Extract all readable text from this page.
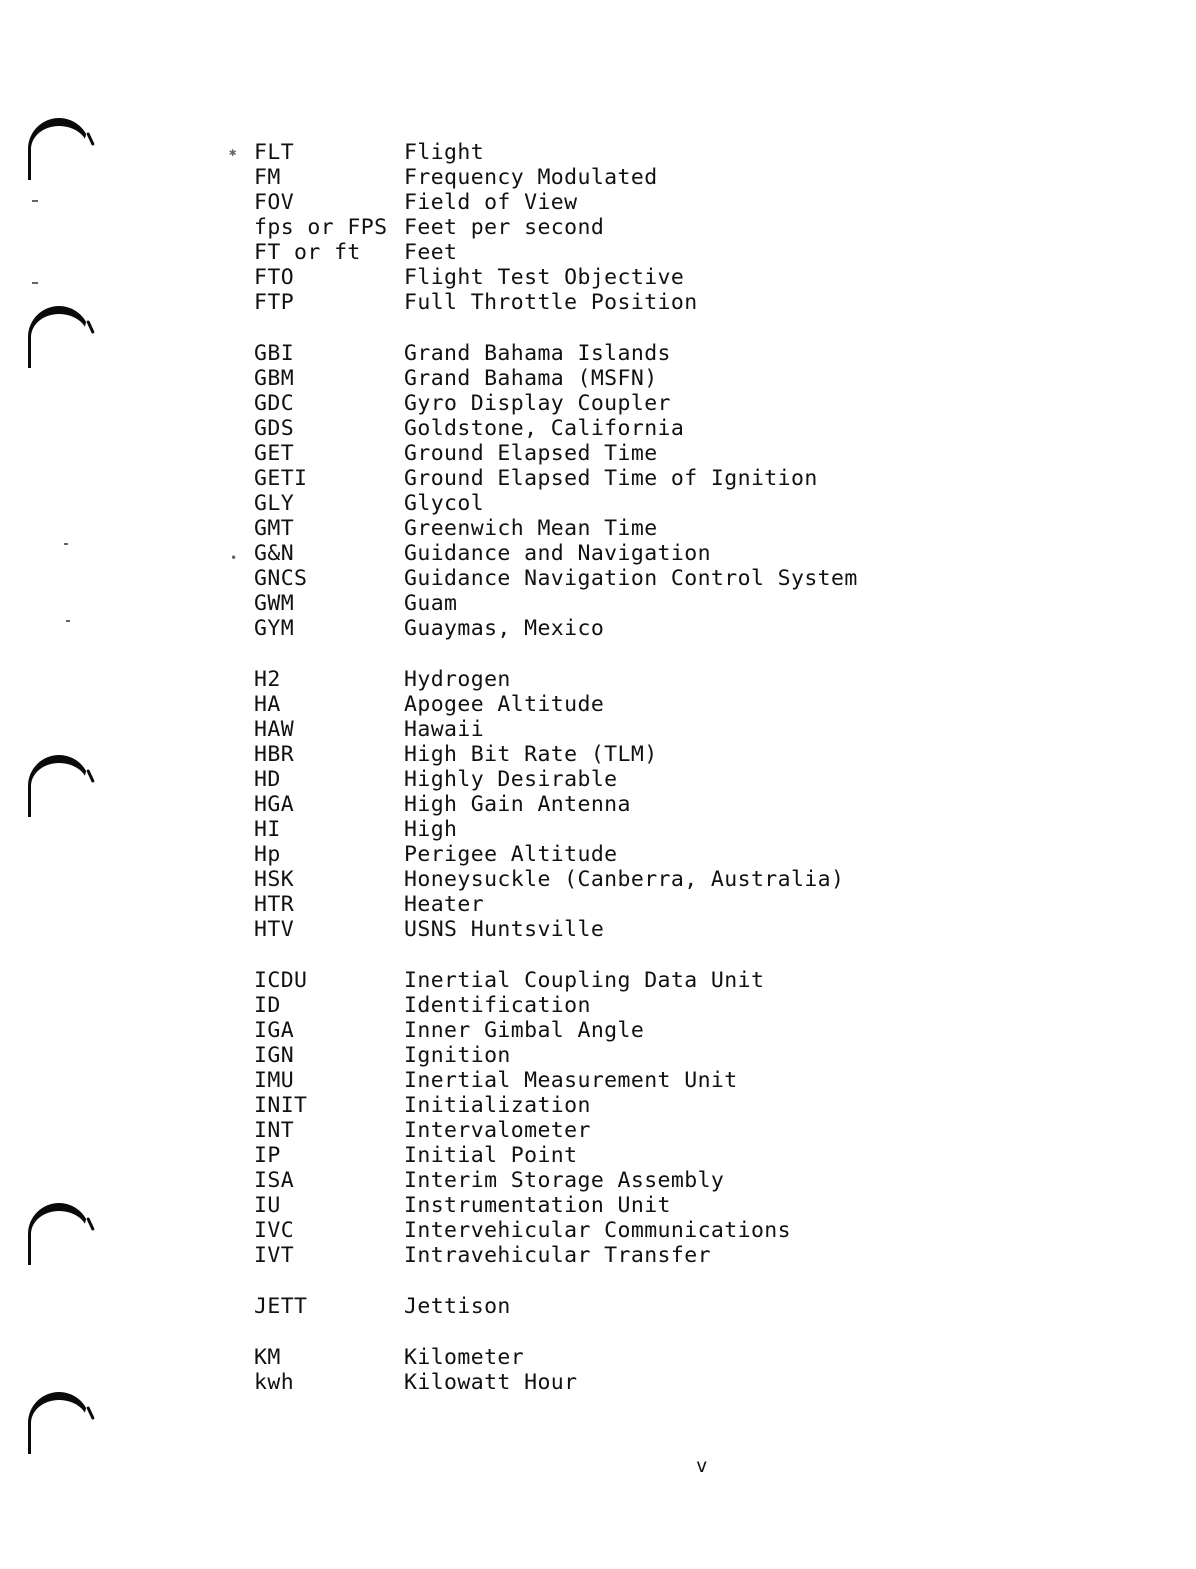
✱
•
FLT	Flight
FM	Frequency Modulated
FOV	Field of View
fps or FPS Feet per second
FT or ft	Feet
FTO	Flight Test Objective
FTP	Full Throttle Position
GBI	Grand Bahama Islands
GBM	Grand Bahama (MSFN)
GDC	Gyro Display Coupler
GDS	Goldstone, California
GET	Ground Elapsed Time
GETI	Ground Elapsed Time of Ignition
GLY	Glycol
GMT	Greenwich Mean Time
G&N	Guidance and Navigation
GNCS	Guidance Navigation Control System
GWM	Guam
GYM	Guaymas, Mexico
H2	Hydrogen
HA	Apogee Altitude
HAW	Hawaii
HBR	High Bit Rate (TLM)
HD	Highly Desirable
HGA	High Gain Antenna
HI	High
Hp	Perigee Altitude
HSK	Honeysuckle (Canberra, Australia)
HTR	Heater
HTV	USNS Huntsville
ICDU	Inertial Coupling Data Unit
ID	Identification
IGA	Inner Gimbal Angle
IGN	Ignition
IMU	Inertial Measurement Unit
INIT	Initialization
INT	Intervalometer
IP	Initial Point
ISA	Interim Storage Assembly
IU	Instrumentation Unit
IVC	Intervehicular Communications
IVT	Intravehicular Transfer
JETT	Jettison
KM	Kilometer
kwh	Kilowatt Hour
v
